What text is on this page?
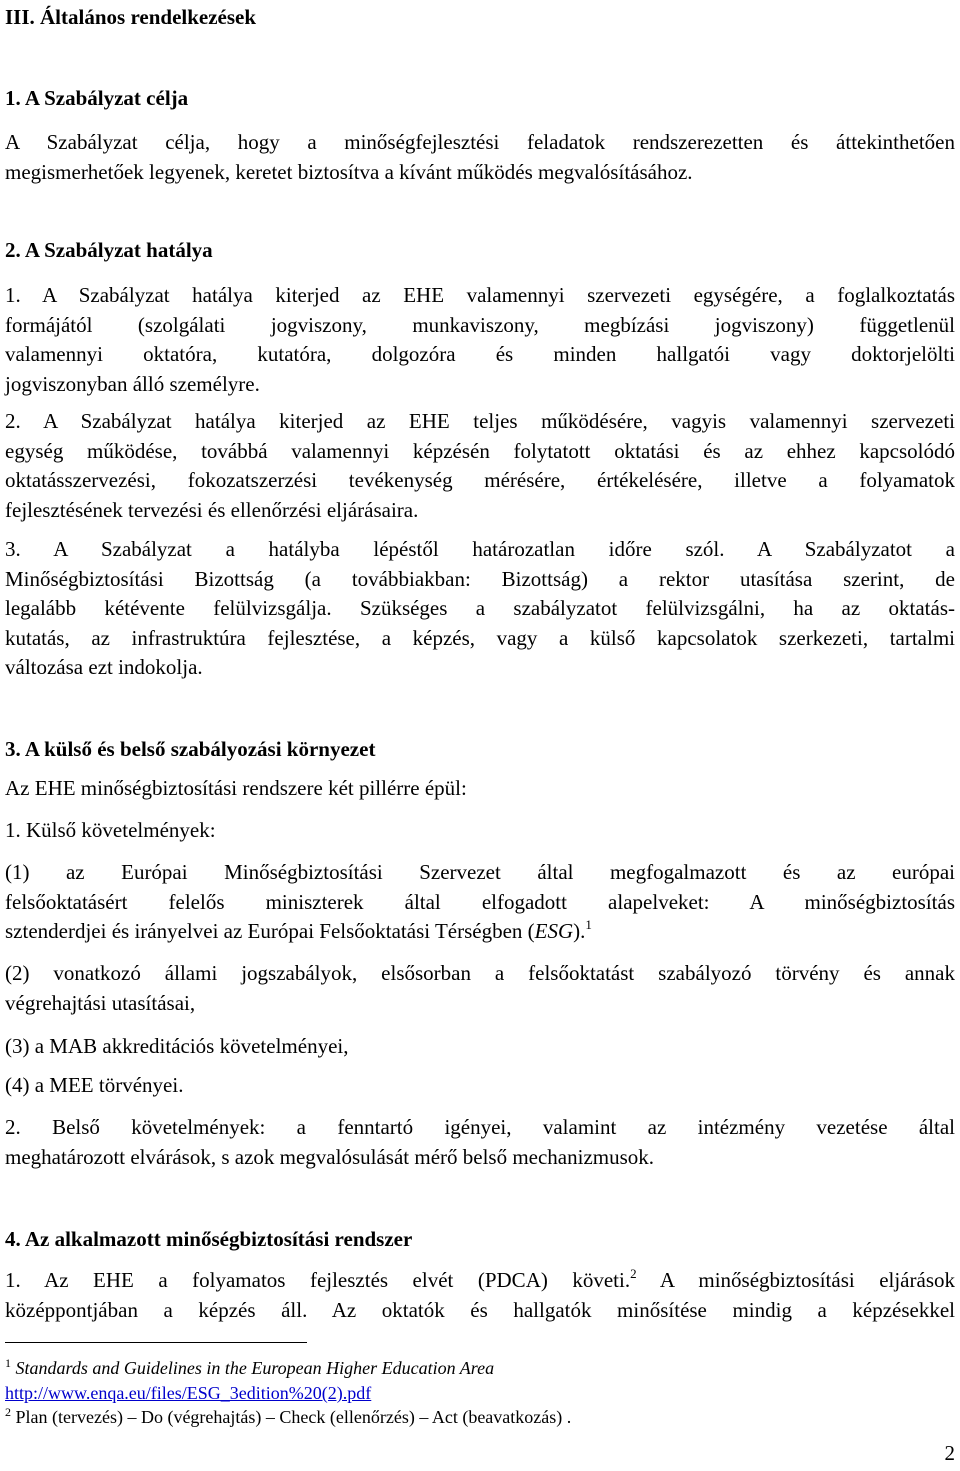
III. Általános rendelkezések
1. A Szabályzat célja
A Szabályzat célja, hogy a minőségfejlesztési feladatok rendszerezetten és áttekinthetően
megismerhetőek legyenek, keretet biztosítva a kívánt működés megvalósításához.
2. A Szabályzat hatálya
1. A Szabályzat hatálya kiterjed az EHE valamennyi szervezeti egységére, a foglalkoztatás
formájától (szolgálati jogviszony, munkaviszony, megbízási jogviszony) függetlenül
valamennyi oktatóra, kutatóra, dolgozóra és minden hallgatói vagy doktorjelölti
jogviszonyban álló személyre.
2. A Szabályzat hatálya kiterjed az EHE teljes működésére, vagyis valamennyi szervezeti
egység működése, továbbá valamennyi képzésén folytatott oktatási és az ehhez kapcsolódó
oktatásszervezési, fokozatszerzési tevékenység mérésére, értékelésére, illetve a folyamatok
fejlesztésének tervezési és ellenőrzési eljárásaira.
3. A Szabályzat a hatályba lépéstől határozatlan időre szól. A Szabályzatot a
Minőségbiztosítási Bizottság (a továbbiakban: Bizottság) a rektor utasítása szerint, de
legalább kétévente felülvizsgálja. Szükséges a szabályzatot felülvizsgálni, ha az oktatás-
kutatás, az infrastruktúra fejlesztése, a képzés, vagy a külső kapcsolatok szerkezeti, tartalmi
változása ezt indokolja.
3. A külső és belső szabályozási környezet
Az EHE minőségbiztosítási rendszere két pillérre épül:
1. Külső követelmények:
(1) az Európai Minőségbiztosítási Szervezet által megfogalmazott és az európai
felsőoktatásért felelős miniszterek által elfogadott alapelveket: A minőségbiztosítás
sztenderdjei és irányelvei az Európai Felsőoktatási Térségben (ESG).$^1$
(2) vonatkozó állami jogszabályok, elsősorban a felsőoktatást szabályozó törvény és annak
végrehajtási utasításai,
(3) a MAB akkreditációs követelményei,
(4) a MEE törvényei.
2. Belső követelmények: a fenntartó igényei, valamint az intézmény vezetése által
meghatározott elvárások, s azok megvalósulását mérő belső mechanizmusok.
4. Az alkalmazott minőségbiztosítási rendszer
1. Az EHE a folyamatos fejlesztés elvét (PDCA) követi.$^2$ A minőségbiztosítási eljárások
középpontjában a képzés áll. Az oktatók és hallgatók minősítése mindig a képzésekkel
$^1$ Standards and Guidelines in the European Higher Education Area
http://www.enqa.eu/files/ESG_3edition%20(2).pdf
$^2$ Plan (tervezés) – Do (végrehajtás) – Check (ellenőrzés) – Act (beavatkozás) .
2
